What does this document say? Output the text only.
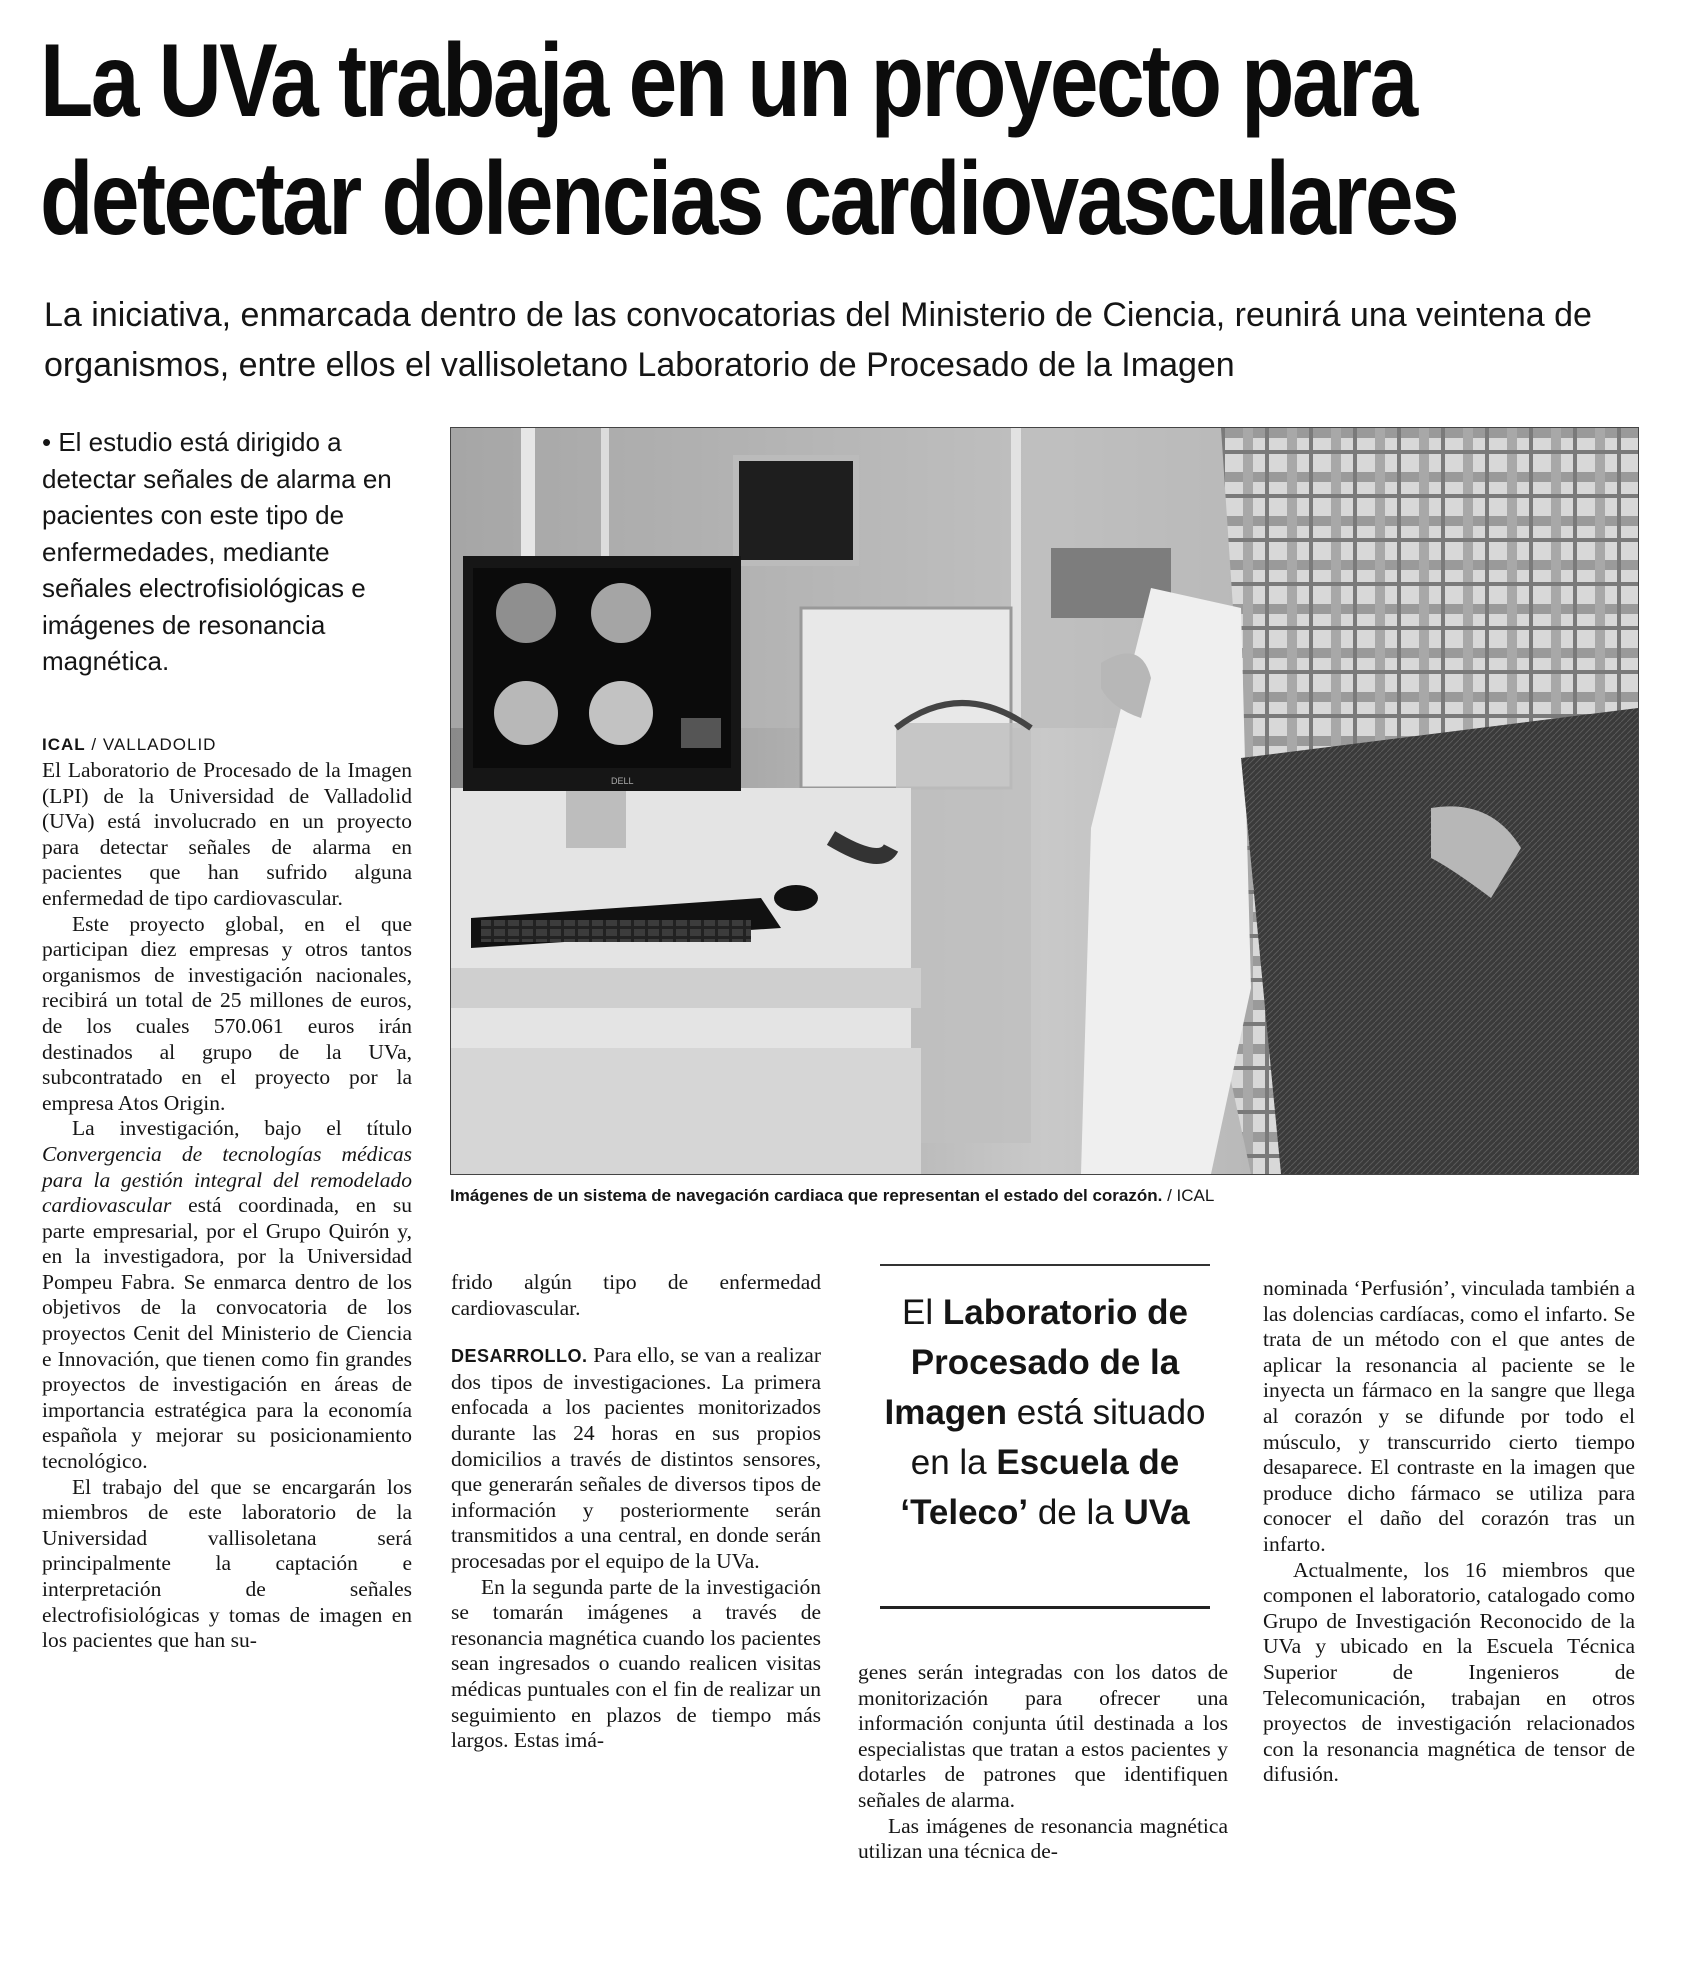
La UVa trabaja en un proyecto para
detectar dolencias cardiovasculares

La iniciativa, enmarcada dentro de las convocatorias del Ministerio de Ciencia, reunirá una veintena de organismos, entre ellos el vallisoletano Laboratorio de Procesado de la Imagen

• El estudio está dirigido a detectar señales de alarma en pacientes con este tipo de enfermedades, mediante señales electrofisiológicas e imágenes de resonancia magnética.
ICAL / VALLADOLID

El Laboratorio de Procesado de la Imagen (LPI) de la Universidad de Valladolid (UVa) está involucrado en un proyecto para detectar señales de alarma en pacientes que han sufrido alguna enfermedad de tipo cardiovascular.

Este proyecto global, en el que participan diez empresas y otros tantos organismos de investigación nacionales, recibirá un total de 25 millones de euros, de los cuales 570.061 euros irán destinados al grupo de la UVa, subcontratado en el proyecto por la empresa Atos Origin.

La investigación, bajo el título Convergencia de tecnologías médicas para la gestión integral del remodelado cardiovascular está coordinada, en su parte empresarial, por el Grupo Quirón y, en la investigadora, por la Universidad Pompeu Fabra. Se enmarca dentro de los objetivos de la convocatoria de los proyectos Cenit del Ministerio de Ciencia e Innovación, que tienen como fin grandes proyectos de investigación en áreas de importancia estratégica para la economía española y mejorar su posicionamiento tecnológico.

El trabajo del que se encargarán los miembros de este laboratorio de la Universidad vallisoletana será principalmente la captación e interpretación de señales electrofisiológicas y tomas de imagen en los pacientes que han su-

DELL
Imágenes de un sistema de navegación cardiaca que representan el estado del corazón. / ICAL

frido algún tipo de enfermedad cardiovascular.

DESARROLLO. Para ello, se van a realizar dos tipos de investigaciones. La primera enfocada a los pacientes monitorizados durante las 24 horas en sus propios domicilios a través de distintos sensores, que generarán señales de diversos tipos de información y posteriormente serán transmitidos a una central, en donde serán procesadas por el equipo de la UVa.

En la segunda parte de la investigación se tomarán imágenes a través de resonancia magnética cuando los pacientes sean ingresados o cuando realicen visitas médicas puntuales con el fin de realizar un seguimiento en plazos de tiempo más largos. Estas imá-

El Laboratorio de Procesado de la Imagen está situado en la Escuela de ‘Teleco’ de la UVa

genes serán integradas con los datos de monitorización para ofrecer una información conjunta útil destinada a los especialistas que tratan a estos pacientes y dotarles de patrones que identifiquen señales de alarma.

Las imágenes de resonancia magnética utilizan una técnica de-

nominada ‘Perfusión’, vinculada también a las dolencias cardíacas, como el infarto. Se trata de un método con el que antes de aplicar la resonancia al paciente se le inyecta un fármaco en la sangre que llega al corazón y se difunde por todo el músculo, y transcurrido cierto tiempo desaparece. El contraste en la imagen que produce dicho fármaco se utiliza para conocer el daño del corazón tras un infarto.

Actualmente, los 16 miembros que componen el laboratorio, catalogado como Grupo de Investigación Reconocido de la UVa y ubicado en la Escuela Técnica Superior de Ingenieros de Telecomunicación, trabajan en otros proyectos de investigación relacionados con la resonancia magnética de tensor de difusión.
